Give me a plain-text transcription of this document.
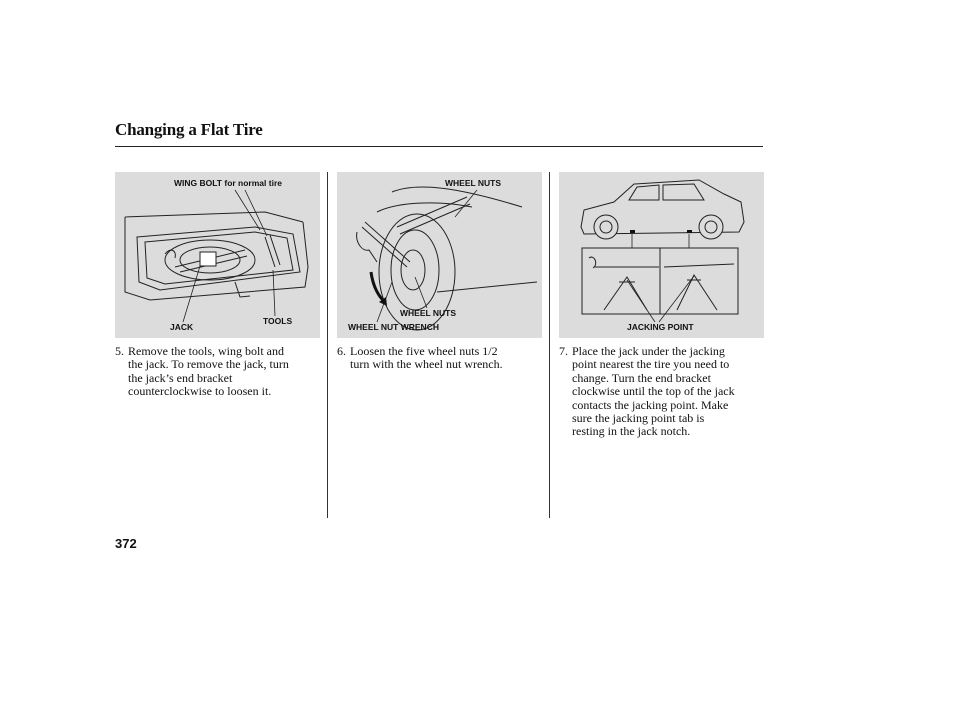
Changing a Flat Tire
WING BOLT for normal tire
JACK
TOOLS
WHEEL NUTS
WHEEL NUTS
WHEEL NUT WRENCH	JACKING POINT
5. Remove the tools, wing bolt and
the jack. To remove the jack, turn
the jack’s end bracket
counterclockwise to loosen it.
6. Loosen the five wheel nuts 1/2
turn with the wheel nut wrench.
7. Place the jack under the jacking
point nearest the tire you need to
change. Turn the end bracket
clockwise until the top of the jack
contacts the jacking point. Make
sure the jacking point tab is
resting in the jack notch.
372
